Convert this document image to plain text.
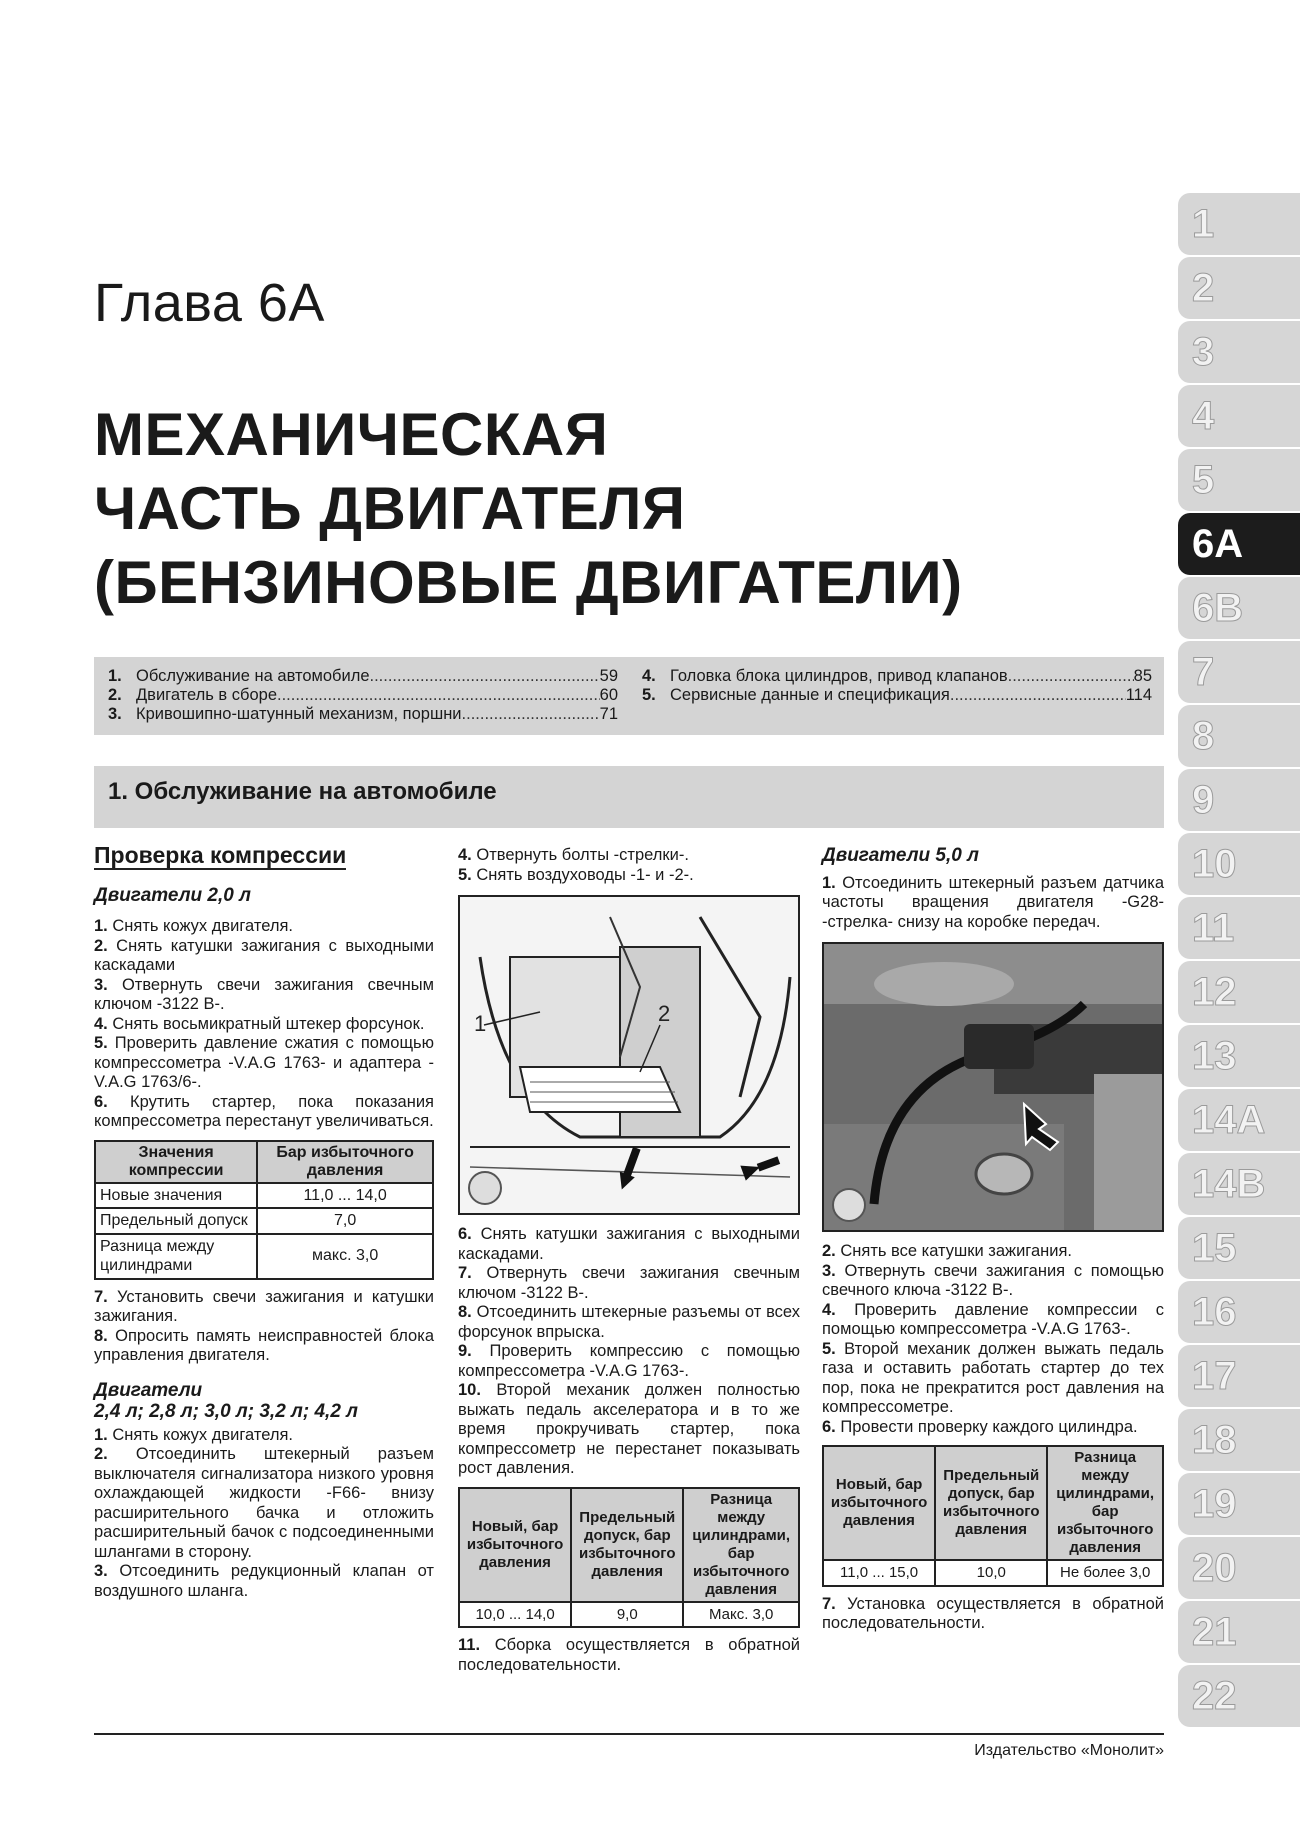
Глава 6А
МЕХАНИЧЕСКАЯ
ЧАСТЬ ДВИГАТЕЛЯ
(БЕНЗИНОВЫЕ ДВИГАТЕЛИ)
1
2
3
4
5
6A
6B
7
8
9
10
11
12
13
14A
14B
15
16
17
18
19
20
21
22
1. Обслуживание на автомобиле .....	59
2. Двигатель в сборе .....	60
3. Кривошипно-шатунный механизм, поршни .....	71
4. Головка блока цилиндров, привод клапанов .....	85
5. Сервисные данные и спецификация .....	114
1. Обслуживание на автомобиле
Проверка компрессии
Двигатели 2,0 л
1. Снять кожух двигателя.
2. Снять катушки зажигания с выходными каскадами
3. Отвернуть свечи зажигания свечным ключом -3122 В-.
4. Снять восьмикратный штекер форсунок.
5. Проверить давление сжатия с помощью компрессометра -V.A.G 1763- и адаптера -V.A.G 1763/6-.
6. Крутить стартер, пока показания компрессометра перестанут увеличиваться.
Значения компрессии	Бар избыточного давления
Новые значения	11,0 ... 14,0
Предельный допуск	7,0
Разница между цилиндрами	макс. 3,0
7. Установить свечи зажигания и катушки зажигания.
8. Опросить память неисправностей блока управления двигателя.
Двигатели
2,4 л; 2,8 л; 3,0 л; 3,2 л; 4,2 л
1. Снять кожух двигателя.
2. Отсоединить штекерный разъем выключателя сигнализатора низкого уровня охлаждающей жидкости -F66- внизу расширительного бачка и отложить расширительный бачок с подсоединенными шлангами в сторону.
3. Отсоединить редукционный клапан от воздушного шланга.
4. Отвернуть болты -стрелки-.
5. Снять воздуховоды -1- и -2-.
1	2
6. Снять катушки зажигания с выходными каскадами.
7. Отвернуть свечи зажигания свечным ключом -3122 В-.
8. Отсоединить штекерные разъемы от всех форсунок впрыска.
9. Проверить компрессию с помощью компрессометра -V.A.G 1763-.
10. Второй механик должен полностью выжать педаль акселератора и в то же время прокручивать стартер, пока компрессометр не перестанет показывать рост давления.
Новый, бар избыточного давления	Предельный допуск, бар избыточного давления	Разница между цилиндрами, бар избыточного давления
10,0 ... 14,0	9,0	Макс. 3,0
11. Сборка осуществляется в обратной последовательности.
Двигатели 5,0 л
1. Отсоединить штекерный разъем датчика частоты вращения двигателя -G28- -стрелка- снизу на коробке передач.
2. Снять все катушки зажигания.
3. Отвернуть свечи зажигания с помощью свечного ключа -3122 В-.
4. Проверить давление компрессии с помощью компрессометра -V.A.G 1763-.
5. Второй механик должен выжать педаль газа и оставить работать стартер до тех пор, пока не прекратится рост давления на компрессометре.
6. Провести проверку каждого цилиндра.
Новый, бар избыточного давления	Предельный допуск, бар избыточного давления	Разница между цилиндрами, бар избыточного давления
11,0 ... 15,0	10,0	Не более 3,0
7. Установка осуществляется в обратной последовательности.
Издательство «Монолит»
